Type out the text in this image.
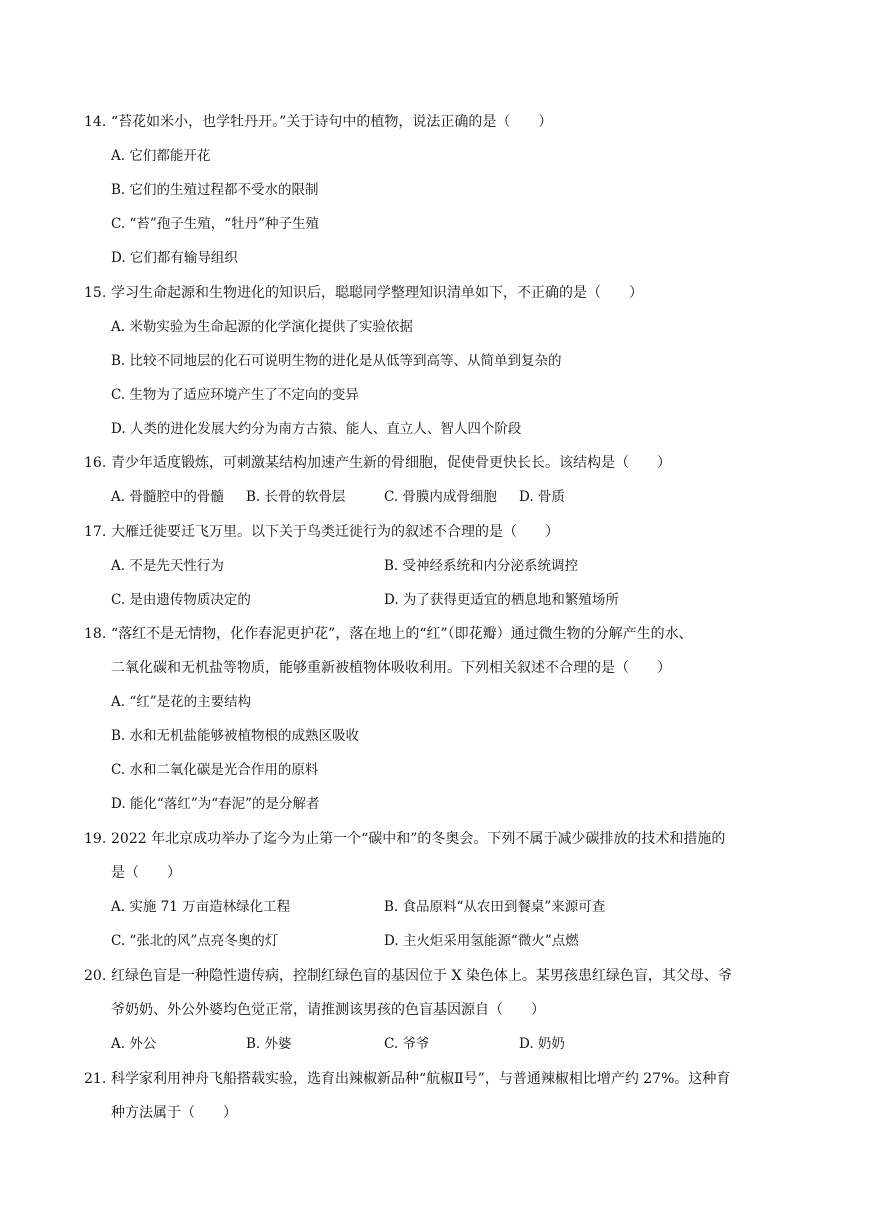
14. “苔花如米小，也学牡丹开。”关于诗句中的植物，说法正确的是（　　）
A. 它们都能开花
B. 它们的生殖过程都不受水的限制
C. “苔”孢子生殖，“牡丹”种子生殖
D. 它们都有输导组织
15. 学习生命起源和生物进化的知识后，聪聪同学整理知识清单如下，不正确的是（　　）
A. 米勒实验为生命起源的化学演化提供了实验依据
B. 比较不同地层的化石可说明生物的进化是从低等到高等、从简单到复杂的
C. 生物为了适应环境产生了不定向的变异
D. 人类的进化发展大约分为南方古猿、能人、直立人、智人四个阶段
16. 青少年适度锻炼，可刺激某结构加速产生新的骨细胞，促使骨更快长长。该结构是（　　）
A. 骨髓腔中的骨髓 B. 长骨的软骨层	C. 骨膜内成骨细胞 D. 骨质
17. 大雁迁徙要迁飞万里。以下关于鸟类迁徙行为的叙述不合理的是（　　）
A. 不是先天性行为	B. 受神经系统和内分泌系统调控
C. 是由遗传物质决定的	D. 为了获得更适宜的栖息地和繁殖场所
18. “落红不是无情物，化作春泥更护花”，落在地上的“红”（即花瓣）通过微生物的分解产生的水、
二氧化碳和无机盐等物质，能够重新被植物体吸收利用。下列相关叙述不合理的是（　　）
A. “红”是花的主要结构
B. 水和无机盐能够被植物根的成熟区吸收
C. 水和二氧化碳是光合作用的原料
D. 能化“落红”为“春泥”的是分解者
19. 2022 年北京成功举办了迄今为止第一个“碳中和”的冬奥会。下列不属于减少碳排放的技术和措施的
是（　　）
A. 实施 71 万亩造林绿化工程	B. 食品原料“从农田到餐桌”来源可查
C. “张北的风”点亮冬奥的灯	D. 主火炬采用氢能源“微火”点燃
20. 红绿色盲是一种隐性遗传病，控制红绿色盲的基因位于 X 染色体上。某男孩患红绿色盲，其父母、爷
爷奶奶、外公外婆均色觉正常，请推测该男孩的色盲基因源自（　　）
A. 外公	B. 外婆	C. 爷爷	D. 奶奶
21. 科学家利用神舟飞船搭载实验，选育出辣椒新品种“航椒Ⅱ号”，与普通辣椒相比增产约 27%。这种育
种方法属于（　　）
